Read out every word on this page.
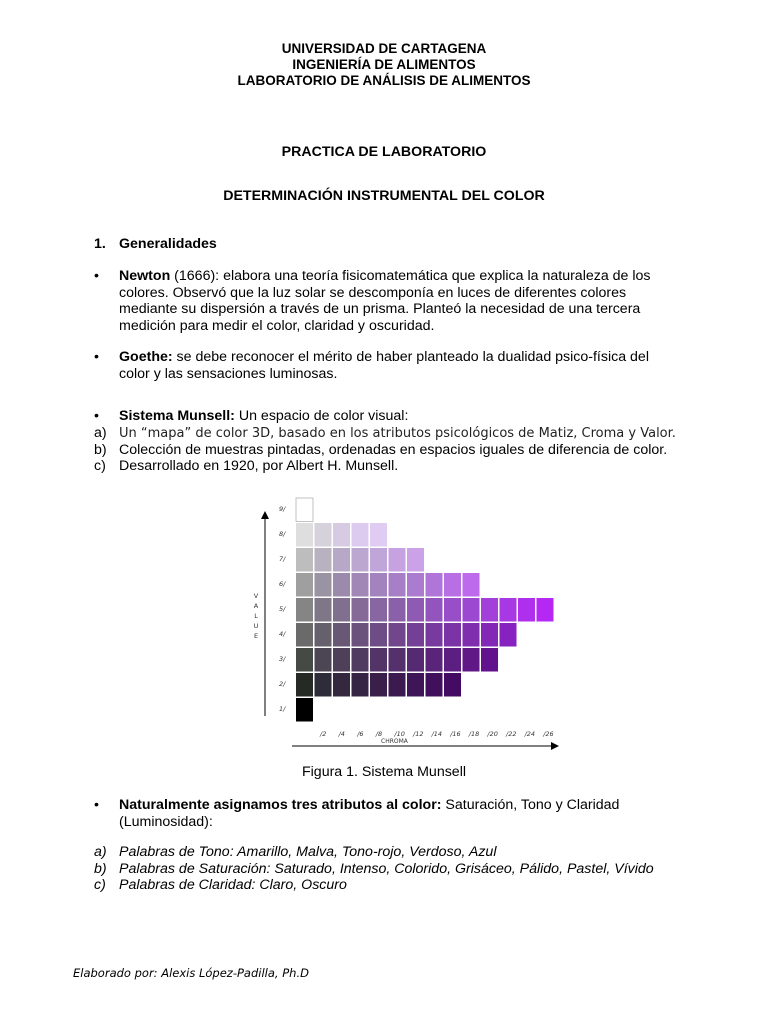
UNIVERSIDAD DE CARTAGENA
INGENIERÍA DE ALIMENTOS
LABORATORIO DE ANÁLISIS DE ALIMENTOS
PRACTICA DE LABORATORIO
DETERMINACIÓN INSTRUMENTAL DEL COLOR
1. Generalidades
• Newton (1666): elabora una teoría fisicomatemática que explica la naturaleza de los
colores. Observó que la luz solar se descomponía en luces de diferentes colores
mediante su dispersión a través de un prisma. Planteó la necesidad de una tercera
medición para medir el color, claridad y oscuridad.
• Goethe: se debe reconocer el mérito de haber planteado la dualidad psico-física del
color y las sensaciones luminosas.
• Sistema Munsell: Un espacio de color visual:
a) Un “mapa” de color 3D, basado en los atributos psicológicos de Matiz, Croma y Valor.
b) Colección de muestras pintadas, ordenadas en espacios iguales de diferencia de color.
c) Desarrollado en 1920, por Albert H. Munsell.
V
A
L
U
E
9/
8/
7/
6/
5/
4/
3/
2/
1/
/2 /4 /6 /8 /10 /12 /14 /16 /18 /20 /22 /24 /26
CHROMA
Figura 1. Sistema Munsell
• Naturalmente asignamos tres atributos al color: Saturación, Tono y Claridad
(Luminosidad):
a) Palabras de Tono: Amarillo, Malva, Tono-rojo, Verdoso, Azul
b) Palabras de Saturación: Saturado, Intenso, Colorido, Grisáceo, Pálido, Pastel, Vívido
c) Palabras de Claridad: Claro, Oscuro
Elaborado por: Alexis López-Padilla, Ph.D
